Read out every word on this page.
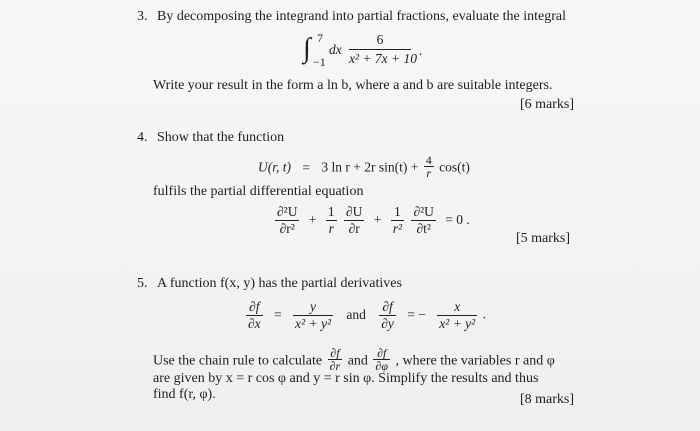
3. By decomposing the integrand into partial fractions, evaluate the integral
∫ 7
−1
dx
6
x² + 7x + 10
.
Write your result in the form a ln b, where a and b are suitable integers.
[6 marks]
4. Show that the function
U(r, t) = 3 ln r + 2r $\sin(t) + \frac{4}{r} \cos(t)$
fulfils the partial differential equation
$\frac{\text{∂²U}}{\text{∂r²}} + \frac{1}{r}$
$\frac{\partial U}{\partial r} + \frac{1}{\text{r²}}$
$\frac{\text{∂²U}}{\text{∂t²}} = 0$ .
[5 marks]
5. A function f(x, y) has the partial derivatives
$\frac{\partial f}{\partial x} = \frac{y}{\text{x² + y²}}$ and $\frac{\partial f}{\partial y}$ = − $\frac{x}{\text{x² + y²}}$ .
Use the chain rule to calculate $\frac{\partial f}{\partial r}$ and $\frac{\partial f}{\partial\varphi}$ , where the variables r and φ
are given by x = r cos φ and y = r sin φ. Simplify the results and thus
find f(r, φ).	[8 marks]
